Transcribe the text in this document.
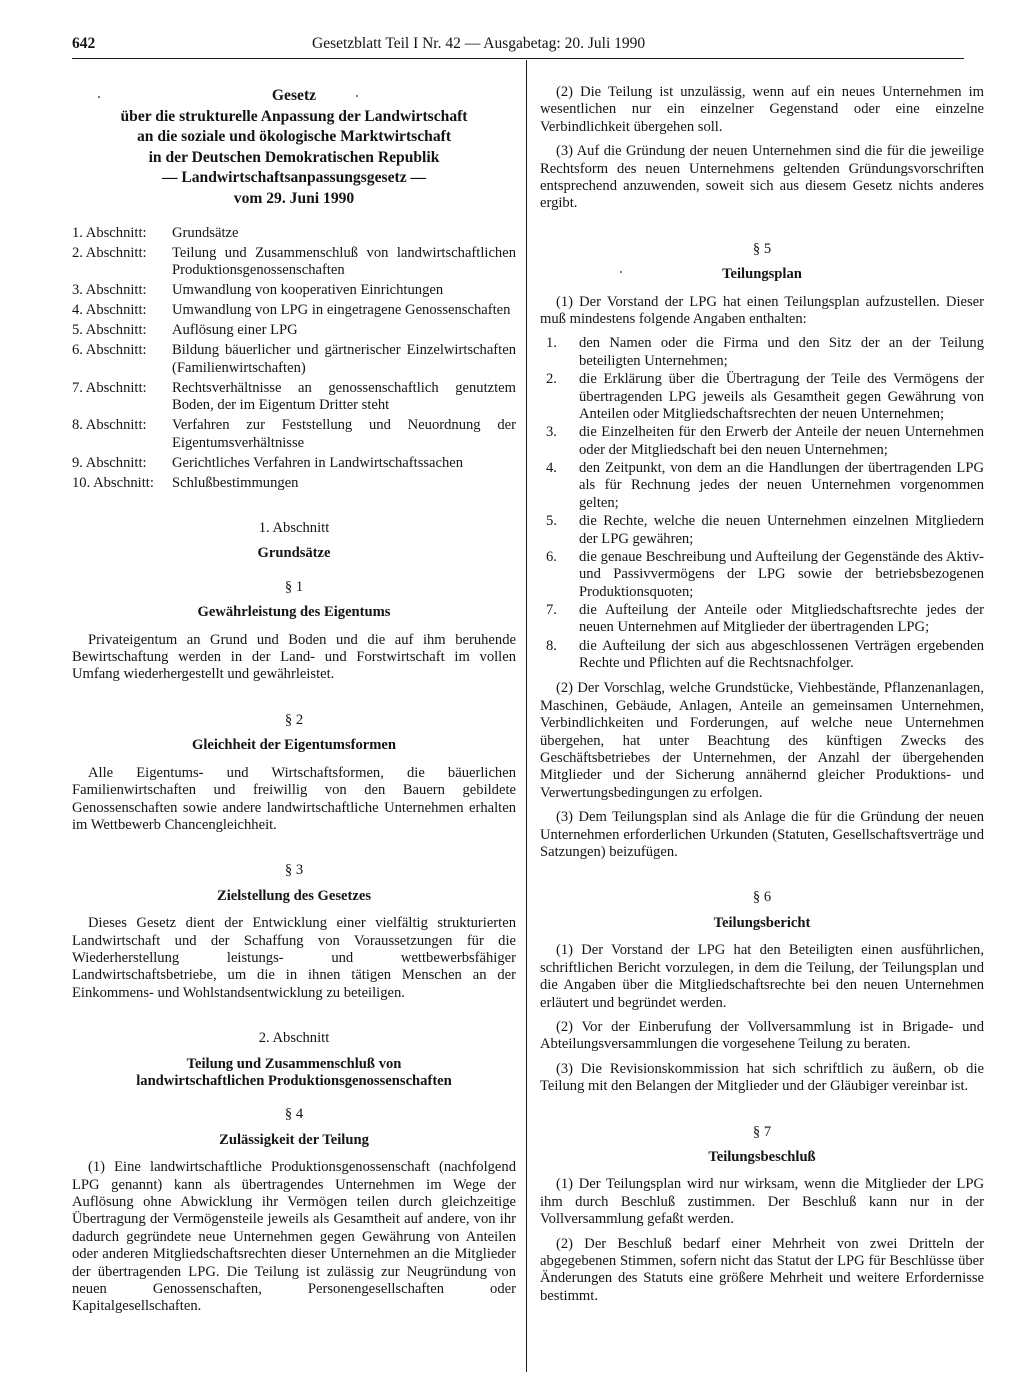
642	Gesetzblatt Teil I Nr. 42 — Ausgabetag: 20. Juli 1990
Gesetz
über die strukturelle Anpassung der Landwirtschaft
an die soziale und ökologische Marktwirtschaft
in der Deutschen Demokratischen Republik
— Landwirtschaftsanpassungsgesetz —
vom 29. Juni 1990
1. Abschnitt:	Grundsätze
2. Abschnitt:	Teilung und Zusammenschluß von landwirtschaftlichen Produktionsgenossenschaften
3. Abschnitt:	Umwandlung von kooperativen Einrichtungen
4. Abschnitt:	Umwandlung von LPG in eingetragene Genossenschaften
5. Abschnitt:	Auflösung einer LPG
6. Abschnitt:	Bildung bäuerlicher und gärtnerischer Einzelwirtschaften (Familienwirtschaften)
7. Abschnitt:	Rechtsverhältnisse an genossenschaftlich genutztem Boden, der im Eigentum Dritter steht
8. Abschnitt:	Verfahren zur Feststellung und Neuordnung der Eigentumsverhältnisse
9. Abschnitt:	Gerichtliches Verfahren in Landwirtschaftssachen
10. Abschnitt:	Schlußbestimmungen
1. Abschnitt
Grundsätze
§ 1
Gewährleistung des Eigentums

Privateigentum an Grund und Boden und die auf ihm beruhende Bewirtschaftung werden in der Land- und Forstwirtschaft im vollen Umfang wiederhergestellt und gewährleistet.

§ 2
Gleichheit der Eigentumsformen

Alle Eigentums- und Wirtschaftsformen, die bäuerlichen Familienwirtschaften und freiwillig von den Bauern gebildete Genossenschaften sowie andere landwirtschaftliche Unternehmen erhalten im Wettbewerb Chancengleichheit.

§ 3
Zielstellung des Gesetzes

Dieses Gesetz dient der Entwicklung einer vielfältig strukturierten Landwirtschaft und der Schaffung von Voraussetzungen für die Wiederherstellung leistungs- und wettbewerbsfähiger Landwirtschaftsbetriebe, um die in ihnen tätigen Menschen an der Einkommens- und Wohlstandsentwicklung zu beteiligen.

2. Abschnitt
Teilung und Zusammenschluß von
landwirtschaftlichen Produktionsgenossenschaften
§ 4
Zulässigkeit der Teilung

(1) Eine landwirtschaftliche Produktionsgenossenschaft (nachfolgend LPG genannt) kann als übertragendes Unternehmen im Wege der Auflösung ohne Abwicklung ihr Vermögen teilen durch gleichzeitige Übertragung der Vermögensteile jeweils als Gesamtheit auf andere, von ihr dadurch gegründete neue Unternehmen gegen Gewährung von Anteilen oder anderen Mitgliedschaftsrechten dieser Unternehmen an die Mitglieder der übertragenden LPG. Die Teilung ist zulässig zur Neugründung von neuen Genossenschaften, Personengesellschaften oder Kapitalgesellschaften.

(2) Die Teilung ist unzulässig, wenn auf ein neues Unternehmen im wesentlichen nur ein einzelner Gegenstand oder eine einzelne Verbindlichkeit übergehen soll.

(3) Auf die Gründung der neuen Unternehmen sind die für die jeweilige Rechtsform des neuen Unternehmens geltenden Gründungsvorschriften entsprechend anzuwenden, soweit sich aus diesem Gesetz nichts anderes ergibt.

§ 5
Teilungsplan

(1) Der Vorstand der LPG hat einen Teilungsplan aufzustellen. Dieser muß mindestens folgende Angaben enthalten:

1.	den Namen oder die Firma und den Sitz der an der Teilung beteiligten Unternehmen;
2.	die Erklärung über die Übertragung der Teile des Vermögens der übertragenden LPG jeweils als Gesamtheit gegen Gewährung von Anteilen oder Mitgliedschaftsrechten der neuen Unternehmen;
3.	die Einzelheiten für den Erwerb der Anteile der neuen Unternehmen oder der Mitgliedschaft bei den neuen Unternehmen;
4.	den Zeitpunkt, von dem an die Handlungen der übertragenden LPG als für Rechnung jedes der neuen Unternehmen vorgenommen gelten;
5.	die Rechte, welche die neuen Unternehmen einzelnen Mitgliedern der LPG gewähren;
6.	die genaue Beschreibung und Aufteilung der Gegenstände des Aktiv- und Passivvermögens der LPG sowie der betriebsbezogenen Produktionsquoten;
7.	die Aufteilung der Anteile oder Mitgliedschaftsrechte jedes der neuen Unternehmen auf Mitglieder der übertragenden LPG;
8.	die Aufteilung der sich aus abgeschlossenen Verträgen ergebenden Rechte und Pflichten auf die Rechtsnachfolger.

(2) Der Vorschlag, welche Grundstücke, Viehbestände, Pflanzenanlagen, Maschinen, Gebäude, Anlagen, Anteile an gemeinsamen Unternehmen, Verbindlichkeiten und Forderungen, auf welche neue Unternehmen übergehen, hat unter Beachtung des künftigen Zwecks des Geschäftsbetriebes der Unternehmen, der Anzahl der übergehenden Mitglieder und der Sicherung annähernd gleicher Produktions- und Verwertungsbedingungen zu erfolgen.

(3) Dem Teilungsplan sind als Anlage die für die Gründung der neuen Unternehmen erforderlichen Urkunden (Statuten, Gesellschaftsverträge und Satzungen) beizufügen.

§ 6
Teilungsbericht

(1) Der Vorstand der LPG hat den Beteiligten einen ausführlichen, schriftlichen Bericht vorzulegen, in dem die Teilung, der Teilungsplan und die Angaben über die Mitgliedschaftsrechte bei den neuen Unternehmen erläutert und begründet werden.

(2) Vor der Einberufung der Vollversammlung ist in Brigade- und Abteilungsversammlungen die vorgesehene Teilung zu beraten.

(3) Die Revisionskommission hat sich schriftlich zu äußern, ob die Teilung mit den Belangen der Mitglieder und der Gläubiger vereinbar ist.

§ 7
Teilungsbeschluß

(1) Der Teilungsplan wird nur wirksam, wenn die Mitglieder der LPG ihm durch Beschluß zustimmen. Der Beschluß kann nur in der Vollversammlung gefaßt werden.

(2) Der Beschluß bedarf einer Mehrheit von zwei Dritteln der abgegebenen Stimmen, sofern nicht das Statut der LPG für Beschlüsse über Änderungen des Statuts eine größere Mehrheit und weitere Erfordernisse bestimmt.
